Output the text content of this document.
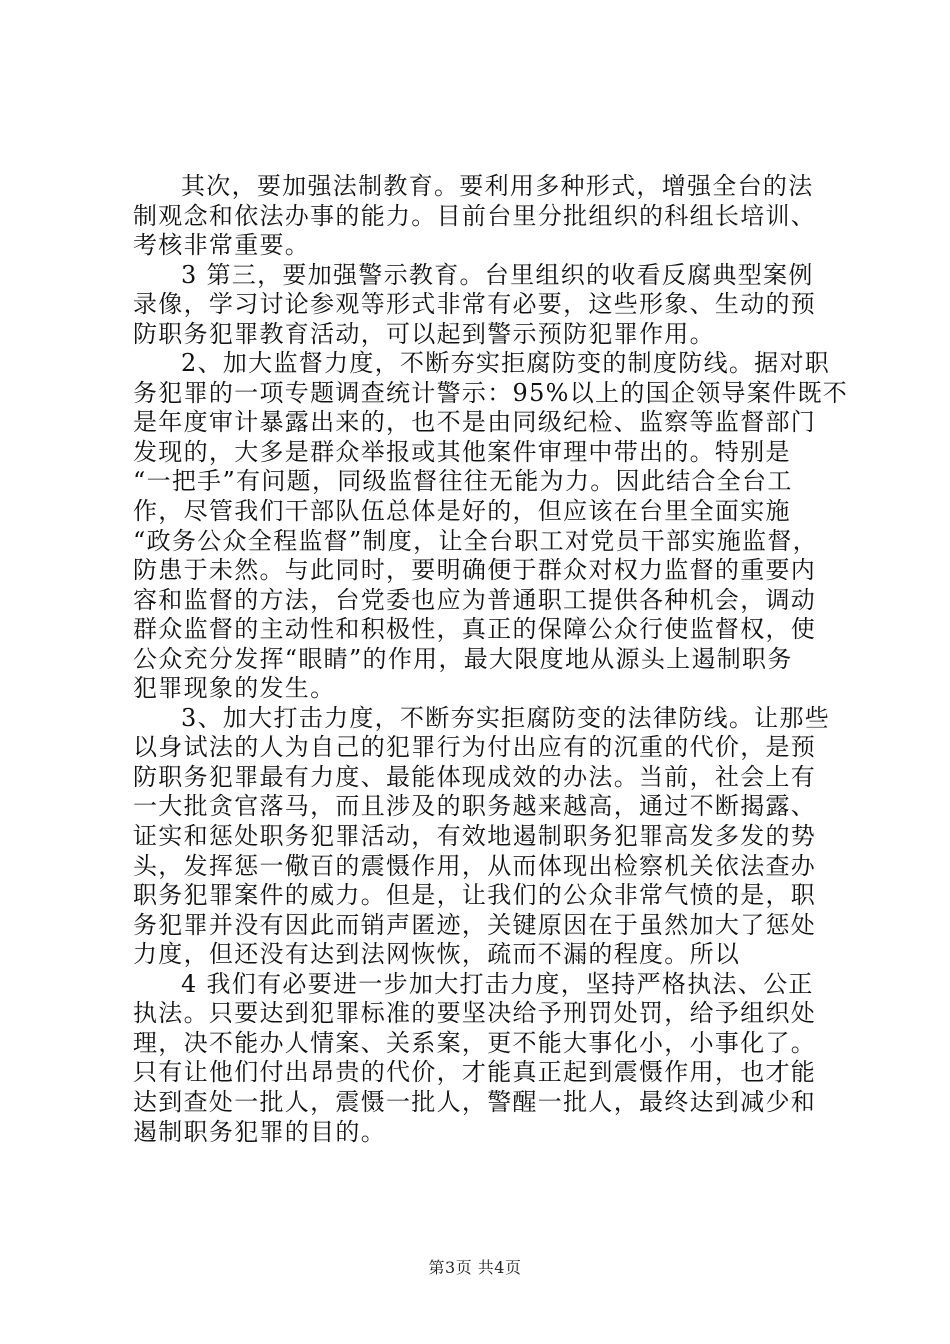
其次，要加强法制教育。要利用多种形式，增强全台的法
制观念和依法办事的能力。目前台里分批组织的科组长培训、
考核非常重要。
3 第三，要加强警示教育。台里组织的收看反腐典型案例
录像，学习讨论参观等形式非常有必要，这些形象、生动的预
防职务犯罪教育活动，可以起到警示预防犯罪作用。
2、加大监督力度，不断夯实拒腐防变的制度防线。据对职
务犯罪的一项专题调查统计警示：95%以上的国企领导案件既不
是年度审计暴露出来的，也不是由同级纪检、监察等监督部门
发现的，大多是群众举报或其他案件审理中带出的。特别是
“一把手”有问题，同级监督往往无能为力。因此结合全台工
作，尽管我们干部队伍总体是好的，但应该在台里全面实施
“政务公众全程监督”制度，让全台职工对党员干部实施监督，
防患于未然。与此同时，要明确便于群众对权力监督的重要内
容和监督的方法，台党委也应为普通职工提供各种机会，调动
群众监督的主动性和积极性，真正的保障公众行使监督权，使
公众充分发挥“眼睛”的作用，最大限度地从源头上遏制职务
犯罪现象的发生。
3、加大打击力度，不断夯实拒腐防变的法律防线。让那些
以身试法的人为自己的犯罪行为付出应有的沉重的代价，是预
防职务犯罪最有力度、最能体现成效的办法。当前，社会上有
一大批贪官落马，而且涉及的职务越来越高，通过不断揭露、
证实和惩处职务犯罪活动，有效地遏制职务犯罪高发多发的势
头，发挥惩一儆百的震慑作用，从而体现出检察机关依法查办
职务犯罪案件的威力。但是，让我们的公众非常气愤的是，职
务犯罪并没有因此而销声匿迹，关键原因在于虽然加大了惩处
力度，但还没有达到法网恢恢，疏而不漏的程度。所以
4 我们有必要进一步加大打击力度，坚持严格执法、公正
执法。只要达到犯罪标准的要坚决给予刑罚处罚，给予组织处
理，决不能办人情案、关系案，更不能大事化小，小事化了。
只有让他们付出昂贵的代价，才能真正起到震慑作用，也才能
达到查处一批人，震慑一批人，警醒一批人，最终达到减少和
遏制职务犯罪的目的。
第3页 共4页
